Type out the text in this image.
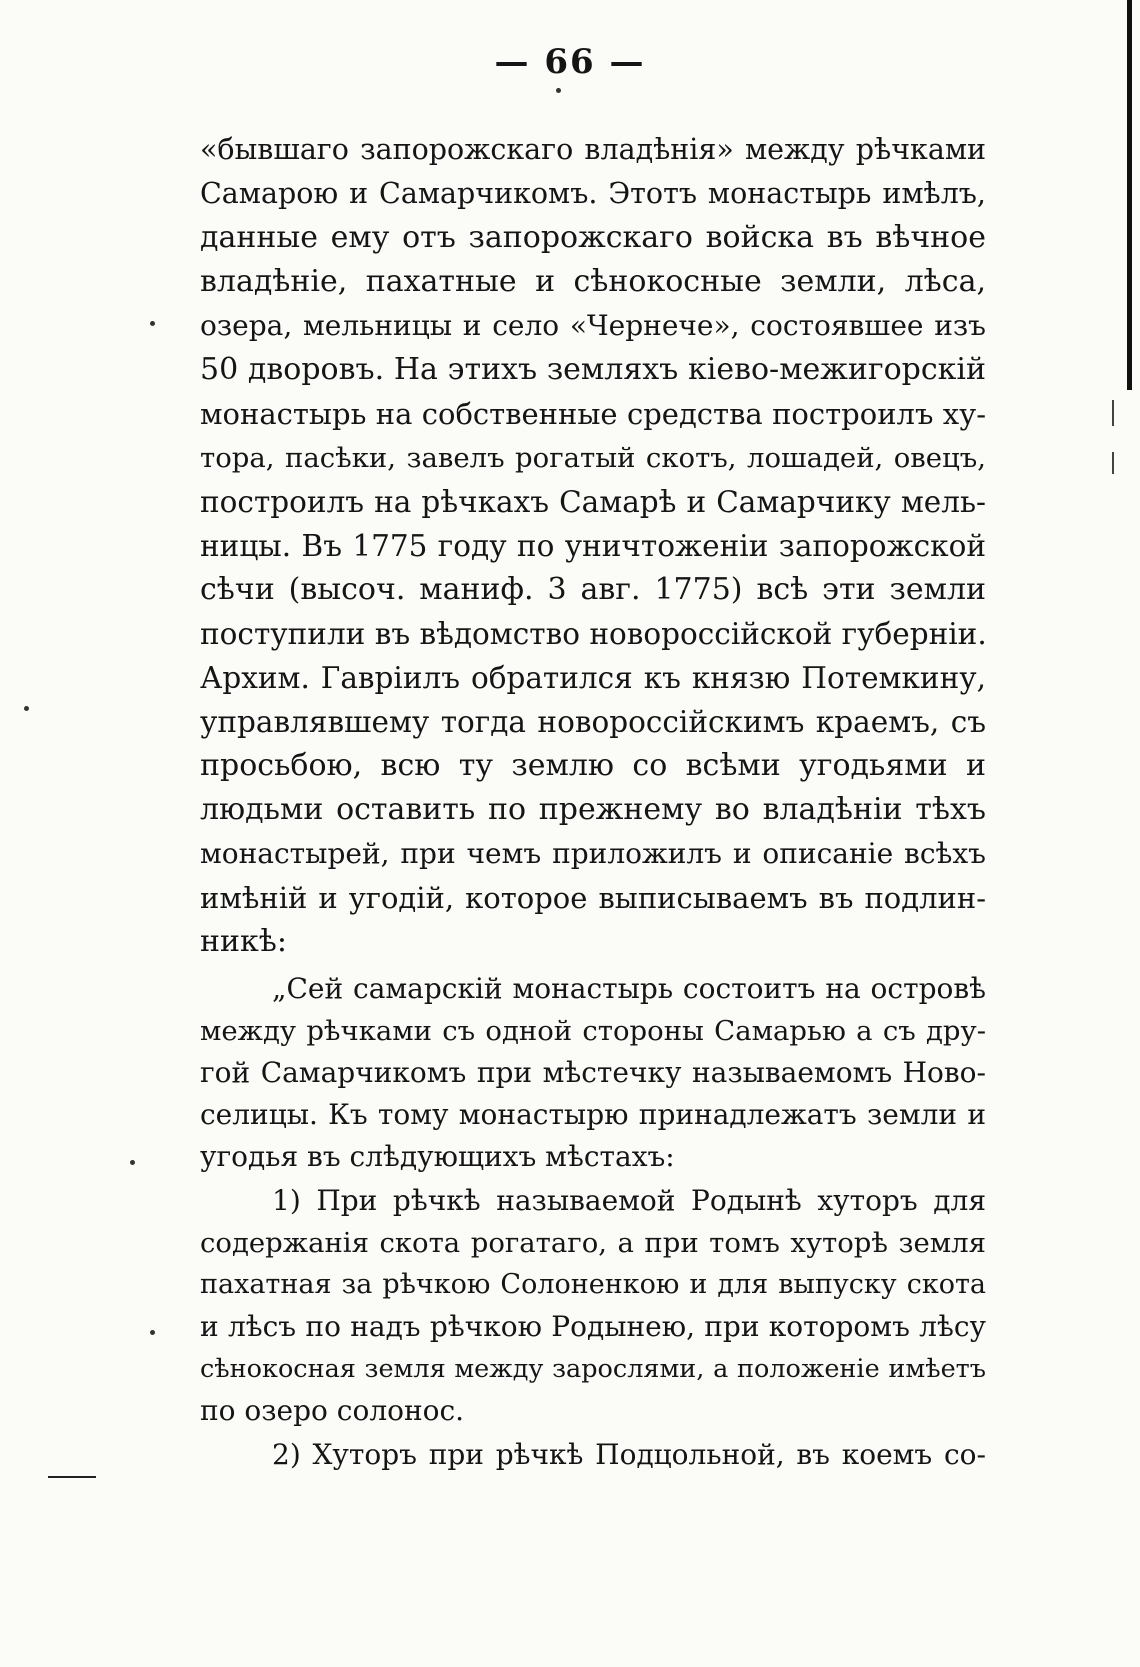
— 66 —
«бывшаго запорожскаго владѣнія» между рѣчками
Самарою и Самарчикомъ. Этотъ монастырь имѣлъ,
данные ему отъ запорожскаго войска въ вѣчное
владѣніе, пахатные и сѣнокосные земли, лѣса,
озера, мельницы и село «Чернече», состоявшее изъ
50 дворовъ. На этихъ земляхъ кіево-межигорскій
монастырь на собственные средства построилъ ху-
тора, пасѣки, завелъ рогатый скотъ, лошадей, овецъ,
построилъ на рѣчкахъ Самарѣ и Самарчику мель-
ницы. Въ 1775 году по уничтоженіи запорожской
сѣчи (высоч. маниф. 3 авг. 1775) всѣ эти земли
поступили въ вѣдомство новороссійской губерніи.
Архим. Гавріилъ обратился къ князю Потемкину,
управлявшему тогда новороссійскимъ краемъ, съ
просьбою, всю ту землю со всѣми угодьями и
людьми оставить по прежнему во владѣніи тѣхъ
монастырей, при чемъ приложилъ и описаніе всѣхъ
имѣній и угодій, которое выписываемъ въ подлин-
никѣ:
„Сей самарскій монастырь состоитъ на островѣ
между рѣчками съ одной стороны Самарью а съ дру-
гой Самарчикомъ при мѣстечку называемомъ Ново-
селицы. Къ тому монастырю принадлежатъ земли и
угодья въ слѣдующихъ мѣстахъ:
1) При рѣчкѣ называемой Родынѣ хуторъ для
содержанія скота рогатаго, а при томъ хуторѣ земля
пахатная за рѣчкою Солоненкою и для выпуску скота
и лѣсъ по надъ рѣчкою Родынею, при которомъ лѣсу
сѣнокосная земля между зарослями, а положеніе имѣетъ
по озеро солонос.
2) Хуторъ при рѣчкѣ Подцольной, въ коемъ со-
